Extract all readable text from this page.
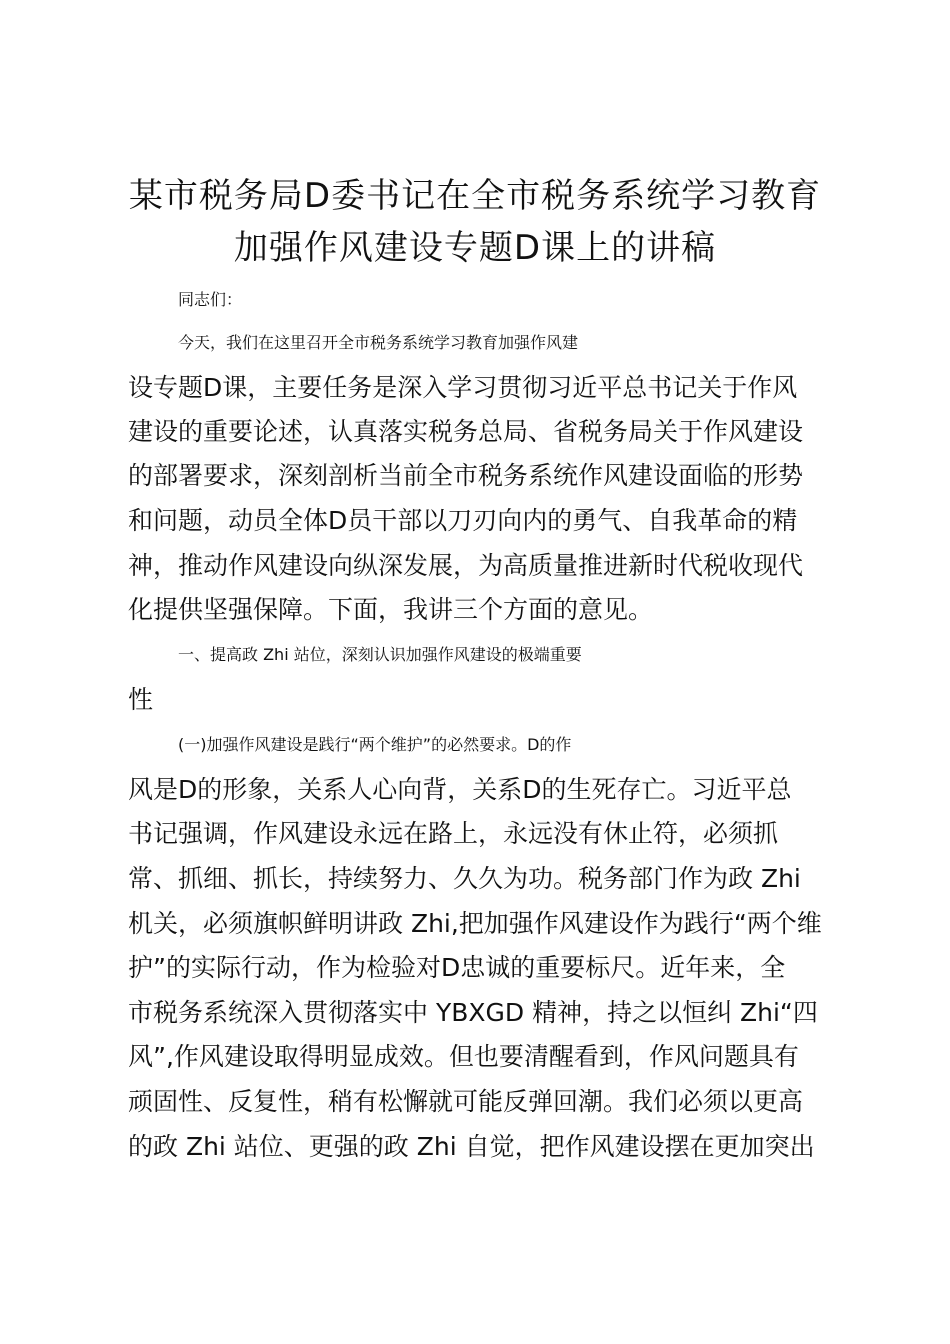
某市税务局D委书记在全市税务系统学习教育
加强作风建设专题D课上的讲稿

同志们：

今天，我们在这里召开全市税务系统学习教育加强作风建

设专题D课，主要任务是深入学习贯彻习近平总书记关于作风

建设的重要论述，认真落实税务总局、省税务局关于作风建设

的部署要求，深刻剖析当前全市税务系统作风建设面临的形势

和问题，动员全体D员干部以刀刃向内的勇气、自我革命的精

神，推动作风建设向纵深发展，为高质量推进新时代税收现代

化提供坚强保障。下面，我讲三个方面的意见。

一、提高政 Zhi 站位，深刻认识加强作风建设的极端重要

性

(一)加强作风建设是践行“两个维护”的必然要求。D的作

风是D的形象，关系人心向背，关系D的生死存亡。习近平总

书记强调，作风建设永远在路上，永远没有休止符，必须抓

常、抓细、抓长，持续努力、久久为功。税务部门作为政 Zhi

机关，必须旗帜鲜明讲政 Zhi,把加强作风建设作为践行“两个维

护”的实际行动，作为检验对D忠诚的重要标尺。近年来，全

市税务系统深入贯彻落实中 YBXGD 精神，持之以恒纠 Zhi“四

风”,作风建设取得明显成效。但也要清醒看到，作风问题具有

顽固性、反复性，稍有松懈就可能反弹回潮。我们必须以更高

的政 Zhi 站位、更强的政 Zhi 自觉，把作风建设摆在更加突出
